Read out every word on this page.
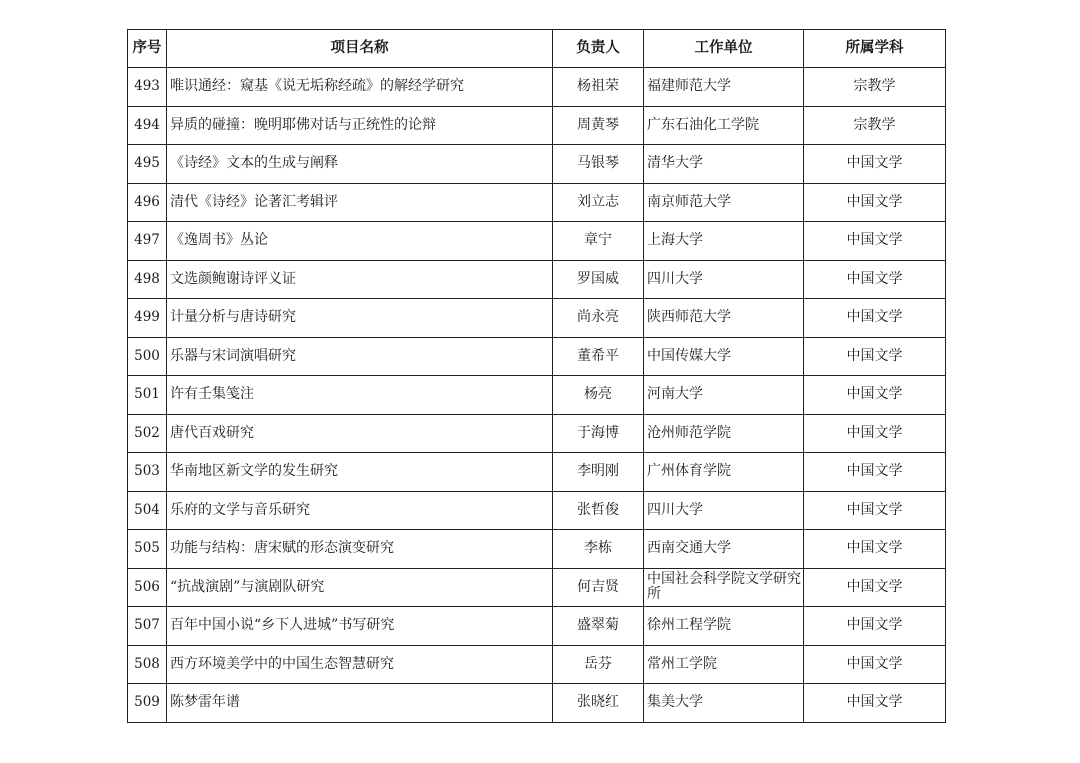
序号	项目名称	负责人	工作单位	所属学科
493	唯识通经：窥基《说无垢称经疏》的解经学研究	杨祖荣	福建师范大学	宗教学
494	异质的碰撞：晚明耶佛对话与正统性的论辩	周黄琴	广东石油化工学院	宗教学
495	《诗经》文本的生成与阐释	马银琴	清华大学	中国文学
496	清代《诗经》论著汇考辑评	刘立志	南京师范大学	中国文学
497	《逸周书》丛论	章宁	上海大学	中国文学
498	文选颜鲍谢诗评义证	罗国威	四川大学	中国文学
499	计量分析与唐诗研究	尚永亮	陕西师范大学	中国文学
500	乐器与宋词演唱研究	董希平	中国传媒大学	中国文学
501	许有壬集笺注	杨亮	河南大学	中国文学
502	唐代百戏研究	于海博	沧州师范学院	中国文学
503	华南地区新文学的发生研究	李明刚	广州体育学院	中国文学
504	乐府的文学与音乐研究	张哲俊	四川大学	中国文学
505	功能与结构：唐宋赋的形态演变研究	李栋	西南交通大学	中国文学
506	“抗战演剧”与演剧队研究	何吉贤	中国社会科学院文学研究所	中国文学
507	百年中国小说“乡下人进城”书写研究	盛翠菊	徐州工程学院	中国文学
508	西方环境美学中的中国生态智慧研究	岳芬	常州工学院	中国文学
509	陈梦雷年谱	张晓红	集美大学	中国文学
